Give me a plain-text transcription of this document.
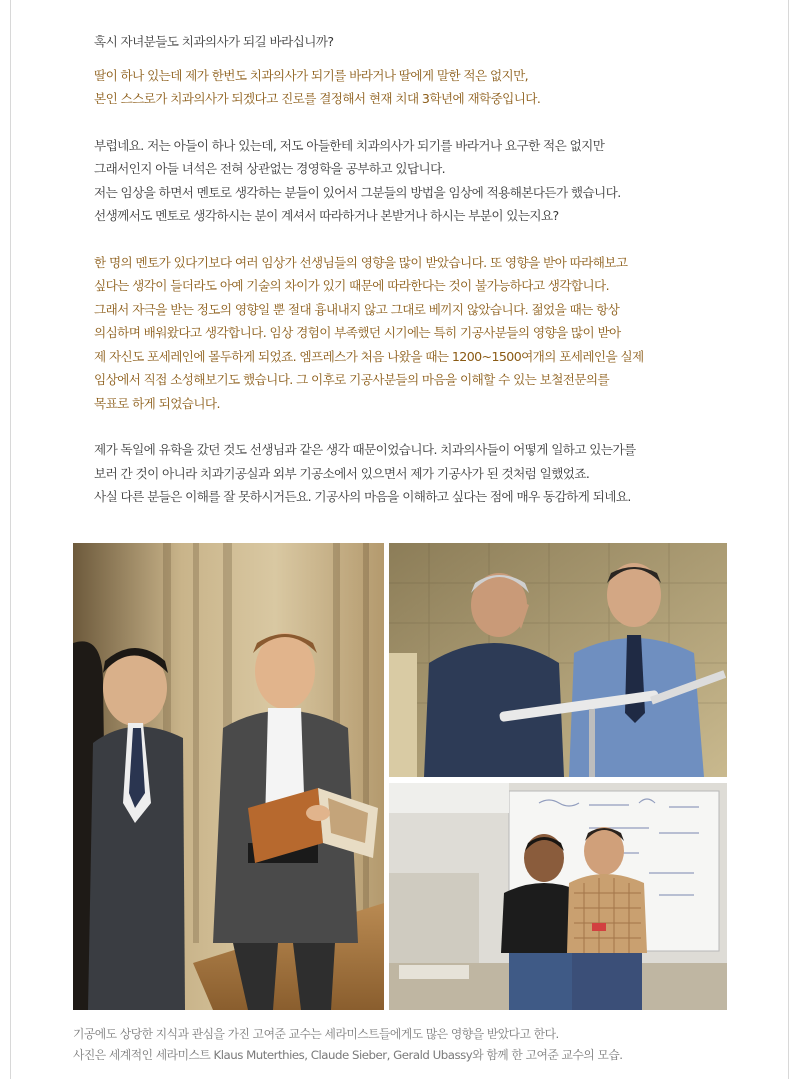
혹시 자녀분들도 치과의사가 되길 바라십니까?

딸이 하나 있는데 제가 한번도 치과의사가 되기를 바라거나 딸에게 말한 적은 없지만,

본인 스스로가 치과의사가 되겠다고 진로를 결정해서 현재 치대 3학년에 재학중입니다.

부럽네요. 저는 아들이 하나 있는데, 저도 아들한테 치과의사가 되기를 바라거나 요구한 적은 없지만

그래서인지 아들 녀석은 전혀 상관없는 경영학을 공부하고 있답니다.

저는 임상을 하면서 멘토로 생각하는 분들이 있어서 그분들의 방법을 임상에 적용해본다든가 했습니다.

선생께서도 멘토로 생각하시는 분이 계셔서 따라하거나 본받거나 하시는 부분이 있는지요?

한 명의 멘토가 있다기보다 여러 임상가 선생님들의 영향을 많이 받았습니다. 또 영향을 받아 따라해보고

싶다는 생각이 들더라도 아예 기술의 차이가 있기 때문에 따라한다는 것이 불가능하다고 생각합니다.

그래서 자극을 받는 정도의 영향일 뿐 절대 흉내내지 않고 그대로 베끼지 않았습니다. 젊었을 때는 항상

의심하며 배워왔다고 생각합니다. 임상 경험이 부족했던 시기에는 특히 기공사분들의 영향을 많이 받아

제 자신도 포세레인에 몰두하게 되었죠. 엠프레스가 처음 나왔을 때는 1200~1500여개의 포세레인을 실제

임상에서 직접 소성해보기도 했습니다. 그 이후로 기공사분들의 마음을 이해할 수 있는 보철전문의를

목표로 하게 되었습니다.

제가 독일에 유학을 갔던 것도 선생님과 같은 생각 때문이었습니다. 치과의사들이 어떻게 일하고 있는가를

보러 간 것이 아니라 치과기공실과 외부 기공소에서 있으면서 제가 기공사가 된 것처럼 일했었죠.

사실 다른 분들은 이해를 잘 못하시거든요. 기공사의 마음을 이해하고 싶다는 점에 매우 동감하게 되네요.

기공에도 상당한 지식과 관심을 가진 고여준 교수는 세라미스트들에게도 많은 영향을 받았다고 한다.
사진은 세계적인 세라미스트 Klaus Muterthies, Claude Sieber, Gerald Ubassy와 함께 한 고여준 교수의 모습.
